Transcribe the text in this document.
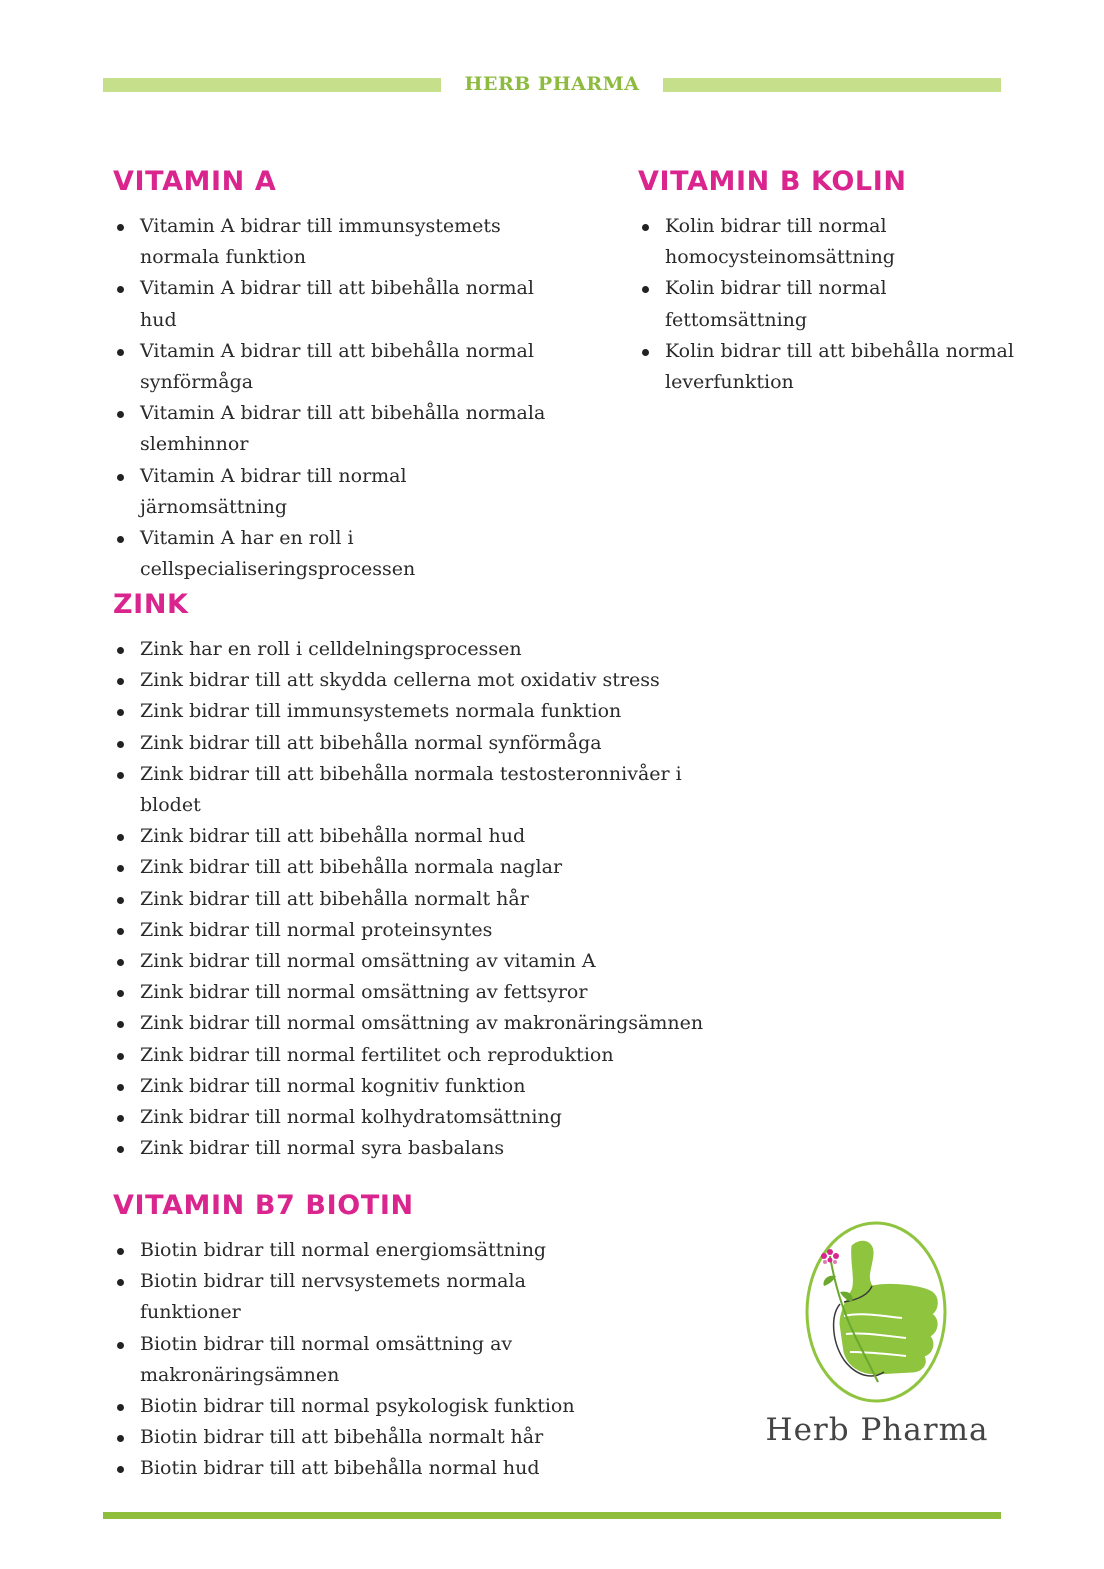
HERB PHARMA
VITAMIN A
Vitamin A bidrar till immunsystemets normala funktion
Vitamin A bidrar till att bibehålla normal hud
Vitamin A bidrar till att bibehålla normal synförmåga
Vitamin A bidrar till att bibehålla normala slemhinnor
Vitamin A bidrar till normal järnomsättning
Vitamin A har en roll i cellspecialiseringsprocessen
VITAMIN B KOLIN
Kolin bidrar till normal homocysteinomsättning
Kolin bidrar till normal fettomsättning
Kolin bidrar till att bibehålla normal leverfunktion
ZINK
Zink har en roll i celldelningsprocessen
Zink bidrar till att skydda cellerna mot oxidativ stress
Zink bidrar till immunsystemets normala funktion
Zink bidrar till att bibehålla normal synförmåga
Zink bidrar till att bibehålla normala testosteronnivåer i blodet
Zink bidrar till att bibehålla normal hud
Zink bidrar till att bibehålla normala naglar
Zink bidrar till att bibehålla normalt hår
Zink bidrar till normal proteinsyntes
Zink bidrar till normal omsättning av vitamin A
Zink bidrar till normal omsättning av fettsyror
Zink bidrar till normal omsättning av makronäringsämnen
Zink bidrar till normal fertilitet och reproduktion
Zink bidrar till normal kognitiv funktion
Zink bidrar till normal kolhydratomsättning
Zink bidrar till normal syra basbalans
VITAMIN B7 BIOTIN
Biotin bidrar till normal energiomsättning
Biotin bidrar till nervsystemets normala funktioner
Biotin bidrar till normal omsättning av makronäringsämnen
Biotin bidrar till normal psykologisk funktion
Biotin bidrar till att bibehålla normalt hår
Biotin bidrar till att bibehålla normal hud
Herb Pharma
